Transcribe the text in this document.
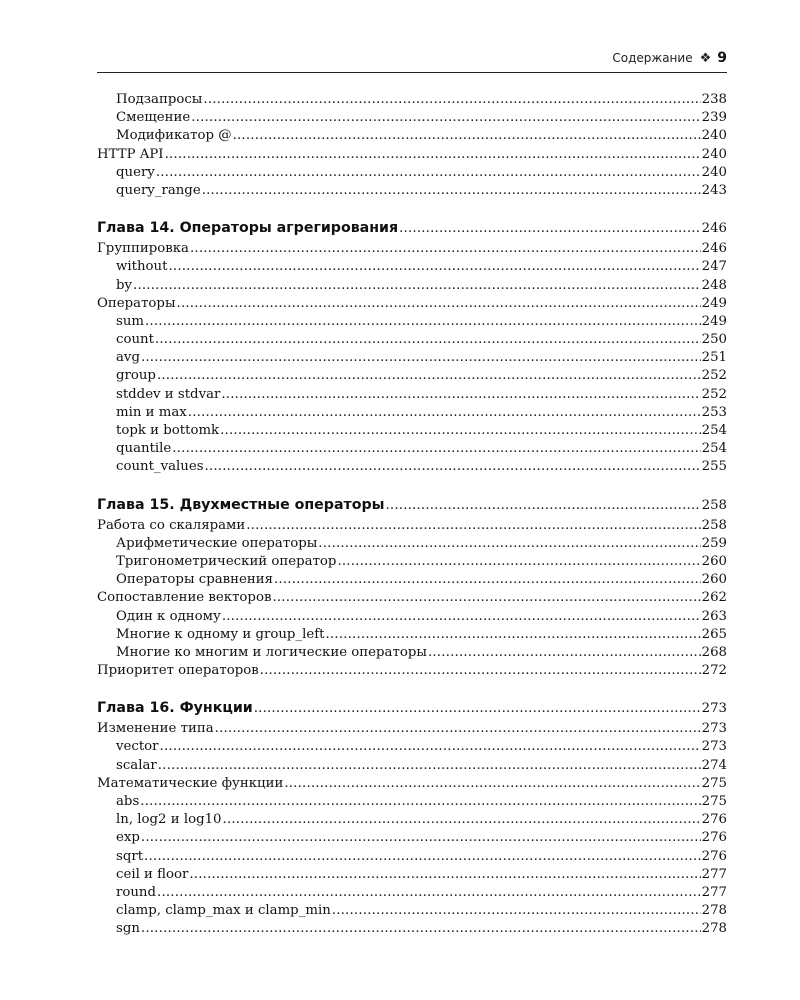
Содержание ❖ 9
Подзапросы .....	238
Смещение .....	239
Модификатор @ .....	240
HTTP API .....	240
query .....	240
query_range .....	243
Глава 14. Операторы агрегирования .....	246
Группировка .....	246
without .....	247
by .....	248
Операторы .....	249
sum .....	249
count .....	250
avg .....	251
group .....	252
stddev и stdvar .....	252
min и max .....	253
topk и bottomk .....	254
quantile .....	254
count_values .....	255
Глава 15. Двухместные операторы .....	258
Работа со скалярами .....	258
Арифметические операторы .....	259
Тригонометрический оператор .....	260
Операторы сравнения .....	260
Сопоставление векторов .....	262
Один к одному .....	263
Многие к одному и group_left .....	265
Многие ко многим и логические операторы .....	268
Приоритет операторов .....	272
Глава 16. Функции .....	273
Изменение типа .....	273
vector .....	273
scalar .....	274
Математические функции .....	275
abs .....	275
ln, log2 и log10 .....	276
exp .....	276
sqrt .....	276
ceil и floor .....	277
round .....	277
clamp, clamp_max и clamp_min .....	278
sgn .....	278
